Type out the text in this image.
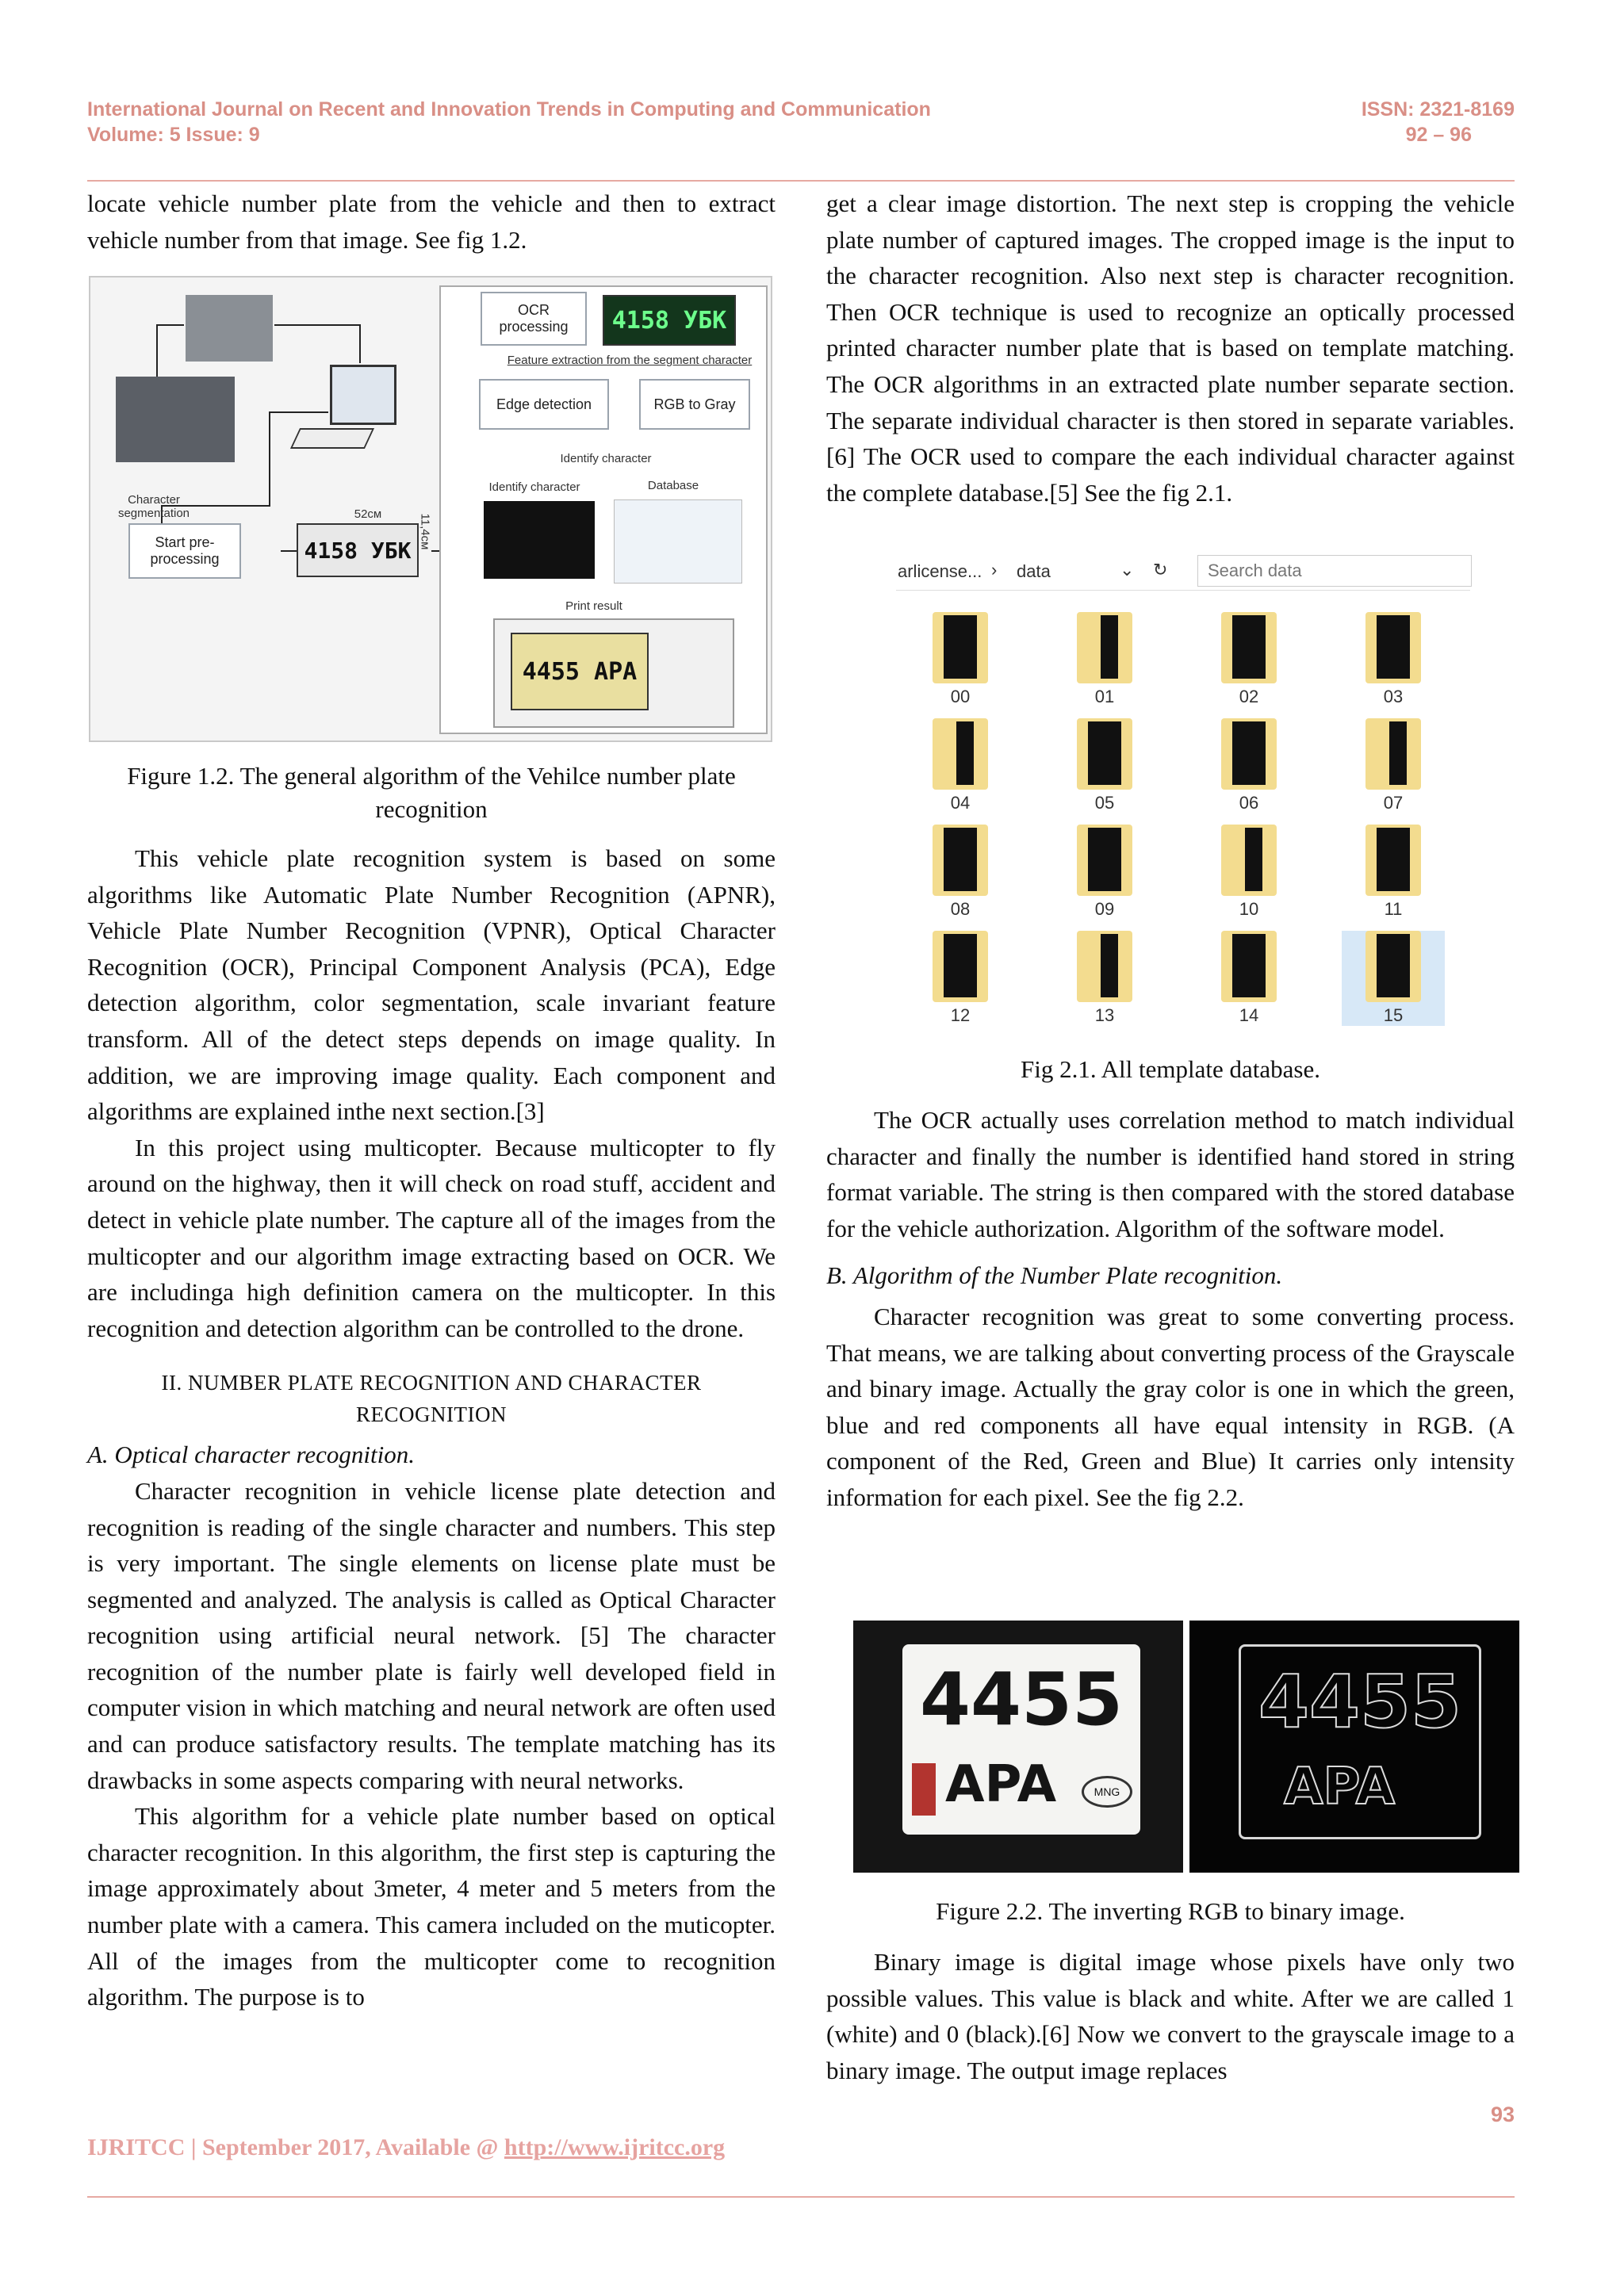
International Journal on Recent and Innovation Trends in Computing and Communication
Volume: 5 Issue: 9
ISSN: 2321-8169
92 – 96

locate vehicle number plate from the vehicle and then to extract vehicle number from that image. See fig 1.2.

OCR processing	4158 УБК
Feature extraction from the segment character
Edge detection	RGB to Gray
Identify character
Identify character	Database
Character segmentation
Start pre-processing
52см	11,4см
4158 УБК
Print result
4455 APA

Figure 1.2. The general algorithm of the Vehilce number plate recognition

This vehicle plate recognition system is based on some algorithms like Automatic Plate Number Recognition (APNR), Vehicle Plate Number Recognition (VPNR), Optical Character Recognition (OCR), Principal Component Analysis (PCA), Edge detection algorithm, color segmentation, scale invariant feature transform. All of the detect steps depends on image quality. In addition, we are improving image quality. Each component and algorithms are explained inthe next section.[3]

In this project using multicopter. Because multicopter to fly around on the highway, then it will check on road stuff, accident and detect in vehicle plate number. The capture all of the images from the multicopter and our algorithm image extracting based on OCR. We are includinga high definition camera on the multicopter. In this recognition and detection algorithm can be controlled to the drone.

II. NUMBER PLATE RECOGNITION AND CHARACTER RECOGNITION

A. Optical character recognition.

Character recognition in vehicle license plate detection and recognition is reading of the single character and numbers. This step is very important. The single elements on license plate must be segmented and analyzed. The analysis is called as Optical Character recognition using artificial neural network. [5] The character recognition of the number plate is fairly well developed field in computer vision in which matching and neural network are often used and can produce satisfactory results. The template matching has its drawbacks in some aspects comparing with neural networks.

This algorithm for a vehicle plate number based on optical character recognition. In this algorithm, the first step is capturing the image approximately about 3meter, 4 meter and 5 meters from the number plate with a camera. This camera included on the muticopter. All of the images from the multicopter come to recognition algorithm. The purpose is to

get a clear image distortion. The next step is cropping the vehicle plate number of captured images. The cropped image is the input to the character recognition. Also next step is character recognition. Then OCR technique is used to recognize an optically processed printed character number plate that is based on template matching. The OCR algorithms in an extracted plate number separate section. The separate individual character is then stored in separate variables.[6] The OCR used to compare the each individual character against the complete database.[5] See the fig 2.1.

arlicense... › data	⌄ ↻ Search data
00	01	02	03
04	05	06	07
08	09	10	11
12	13	14	15

Fig 2.1. All template database.

The OCR actually uses correlation method to match individual character and finally the number is identified hand stored in string format variable. The string is then compared with the stored database for the vehicle authorization. Algorithm of the software model.

B. Algorithm of the Number Plate recognition.

Character recognition was great to some converting process. That means, we are talking about converting process of the Grayscale and binary image. Actually the gray color is one in which the green, blue and red components all have equal intensity in RGB. (A component of the Red, Green and Blue) It carries only intensity information for each pixel. See the fig 2.2.

4455
APA	MNG
4455
APA

Figure 2.2. The inverting RGB to binary image.

Binary image is digital image whose pixels have only two possible values. This value is black and white. After we are called 1 (white) and 0 (black).[6] Now we convert to the grayscale image to a binary image. The output image replaces

93
IJRITCC | September 2017, Available @ http://www.ijritcc.org
